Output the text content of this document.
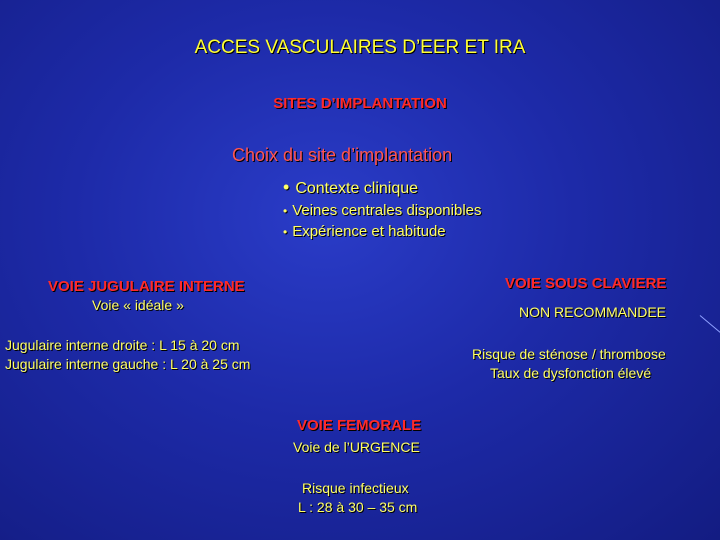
ACCES VASCULAIRES D’EER ET IRA
SITES D’IMPLANTATION
Choix du site d’implantation
• Contexte clinique
• Veines centrales disponibles
• Expérience et habitude
VOIE JUGULAIRE INTERNE
Voie « idéale »
Jugulaire interne droite : L 15 à 20 cm
Jugulaire interne gauche : L 20 à 25 cm
VOIE SOUS CLAVIERE
NON RECOMMANDEE
Risque de sténose / thrombose
Taux de dysfonction élevé
VOIE FEMORALE
Voie de l’URGENCE
Risque infectieux
L : 28 à 30 – 35 cm
